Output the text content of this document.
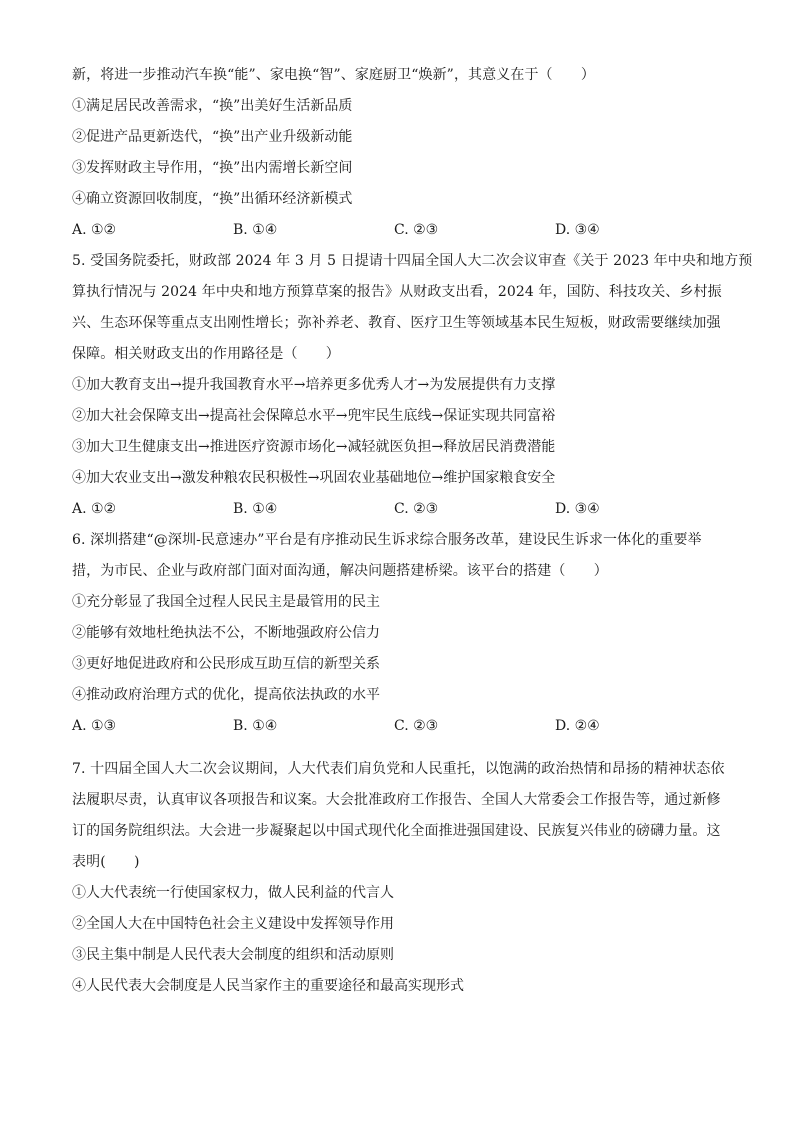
新，将进一步推动汽车换“能”、家电换“智”、家庭厨卫“焕新”，其意义在于（　　）
①满足居民改善需求，“换”出美好生活新品质
②促进产品更新迭代，“换”出产业升级新动能
③发挥财政主导作用，“换”出内需增长新空间
④确立资源回收制度，“换”出循环经济新模式
A. ①②	B. ①④	C. ②③	D. ③④
5. 受国务院委托，财政部 2024 年 3 月 5 日提请十四届全国人大二次会议审查《关于 2023 年中央和地方预
算执行情况与 2024 年中央和地方预算草案的报告》从财政支出看，2024 年，国防、科技攻关、乡村振
兴、生态环保等重点支出刚性增长；弥补养老、教育、医疗卫生等领域基本民生短板，财政需要继续加强
保障。相关财政支出的作用路径是（　　）
①加大教育支出→提升我国教育水平→培养更多优秀人才→为发展提供有力支撑
②加大社会保障支出→提高社会保障总水平→兜牢民生底线→保证实现共同富裕
③加大卫生健康支出→推进医疗资源市场化→减轻就医负担→释放居民消费潜能
④加大农业支出→激发种粮农民积极性→巩固农业基础地位→维护国家粮食安全
A. ①②	B. ①④	C. ②③	D. ③④
6. 深圳搭建“@深圳-民意速办”平台是有序推动民生诉求综合服务改革，建设民生诉求一体化的重要举
措，为市民、企业与政府部门面对面沟通，解决问题搭建桥梁。该平台的搭建（　　）
①充分彰显了我国全过程人民民主是最管用的民主
②能够有效地杜绝执法不公，不断地强政府公信力
③更好地促进政府和公民形成互助互信的新型关系
④推动政府治理方式的优化，提高依法执政的水平
A. ①③	B. ①④	C. ②③	D. ②④
7. 十四届全国人大二次会议期间，人大代表们肩负党和人民重托，以饱满的政治热情和昂扬的精神状态依
法履职尽责，认真审议各项报告和议案。大会批准政府工作报告、全国人大常委会工作报告等，通过新修
订的国务院组织法。大会进一步凝聚起以中国式现代化全面推进强国建设、民族复兴伟业的磅礴力量。这
表明(　　)
①人大代表统一行使国家权力，做人民利益的代言人
②全国人大在中国特色社会主义建设中发挥领导作用
③民主集中制是人民代表大会制度的组织和活动原则
④人民代表大会制度是人民当家作主的重要途径和最高实现形式
